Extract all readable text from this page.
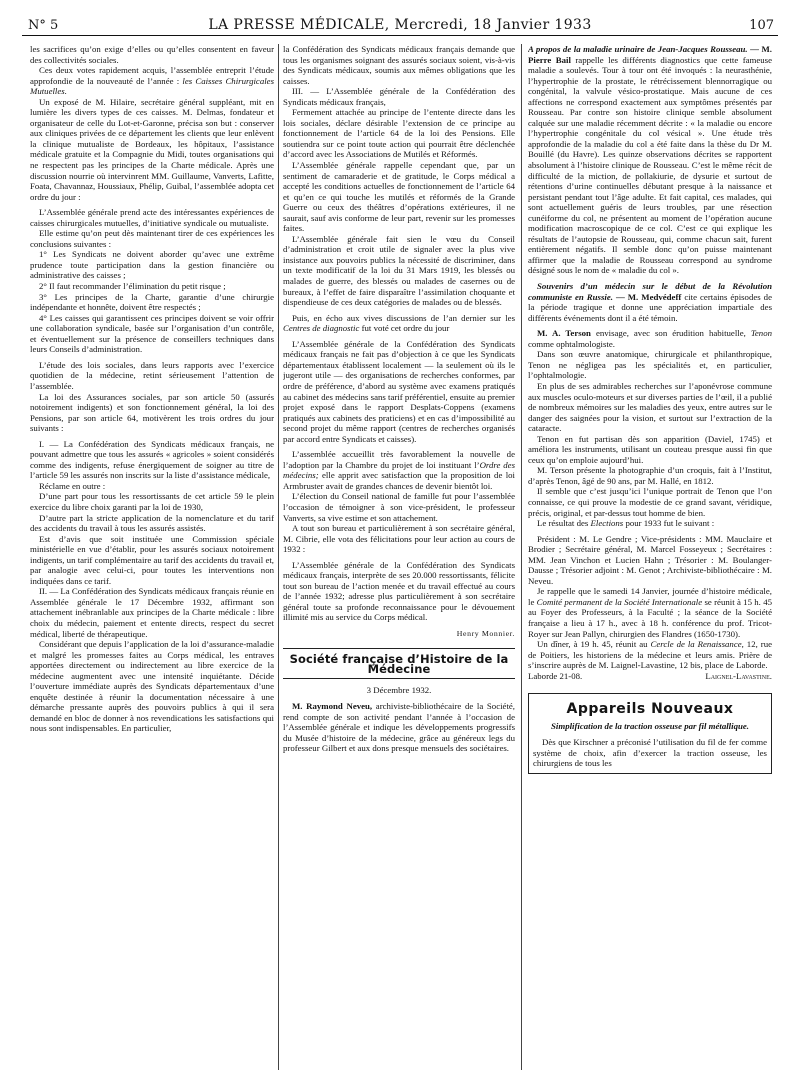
N° 5	LA PRESSE MÉDICALE, Mercredi, 18 Janvier 1933	107

les sacrifices qu’on exige d’elles ou qu’elles consentent en faveur des collectivités sociales.

Ces deux votes rapidement acquis, l’assemblée entreprit l’étude approfondie de la nouveauté de l’année : les Caisses Chirurgicales Mutuelles.

Un exposé de M. Hilaire, secrétaire général suppléant, mit en lumière les divers types de ces caisses. M. Delmas, fondateur et organisateur de celle du Lot-et-Garonne, précisa son but : conserver aux cliniques privées de ce département les clients que leur enlèvent la clinique mutualiste de Bordeaux, les hôpitaux, l’assistance médicale gratuite et la Compagnie du Midi, toutes organisations qui ne respectent pas les principes de la Charte médicale. Après une discussion nourrie où intervinrent MM. Guillaume, Vanverts, Lafitte, Foata, Chavannaz, Houssiaux, Phélip, Guibal, l’assemblée adopta cet ordre du jour :

L’Assemblée générale prend acte des intéressantes expériences de caisses chirurgicales mutuelles, d’initiative syndicale ou mutualiste.

Elle estime qu’on peut dès maintenant tirer de ces expériences les conclusions suivantes :

1° Les Syndicats ne doivent aborder qu’avec une extrême prudence toute participation dans la gestion financière ou administrative des caisses ;

2° Il faut recommander l’élimination du petit risque ;

3° Les principes de la Charte, garantie d’une chirurgie indépendante et honnête, doivent être respectés ;

4° Les caisses qui garantissent ces principes doivent se voir offrir une collaboration syndicale, basée sur l’organisation d’un contrôle, et éventuellement sur la présence de conseillers techniques dans leurs Conseils d’administration.

L’étude des lois sociales, dans leurs rapports avec l’exercice quotidien de la médecine, retint sérieusement l’attention de l’assemblée.

La loi des Assurances sociales, par son article 50 (assurés notoirement indigents) et son fonctionnement général, la loi des Pensions, par son article 64, motivèrent les trois ordres du jour suivants :

I. — La Confédération des Syndicats médicaux français, ne pouvant admettre que tous les assurés « agricoles » soient considérés comme des indigents, refuse énergiquement de soigner au titre de l’article 59 les assurés non inscrits sur la liste d’assistance médicale,

Réclame en outre :

D’une part pour tous les ressortissants de cet article 59 le plein exercice du libre choix garanti par la loi de 1930,

D’autre part la stricte application de la nomenclature et du tarif des accidents du travail à tous les assurés assistés.

Est d’avis que soit instituée une Commission spéciale ministérielle en vue d’établir, pour les assurés sociaux notoirement indigents, un tarif complémentaire au tarif des accidents du travail et, par analogie avec celui-ci, pour toutes les interventions non indiquées dans ce tarif.

II. — La Confédération des Syndicats médicaux français réunie en Assemblée générale le 17 Décembre 1932, affirmant son attachement inébranlable aux principes de la Charte médicale : libre choix du médecin, paiement et entente directs, respect du secret médical, liberté de thérapeutique.

Considérant que depuis l’application de la loi d’assurance-maladie et malgré les promesses faites au Corps médical, les entraves apportées directement ou indirectement au libre exercice de la médecine augmentent avec une intensité inquiétante. Décide l’ouverture immédiate auprès des Syndicats départementaux d’une enquête destinée à réunir la documentation nécessaire à une démarche pressante auprès des pouvoirs publics à qui il sera demandé en bloc de donner à nos revendications les satisfactions qui nous sont indispensables. En particulier,

la Confédération des Syndicats médicaux français demande que tous les organismes soignant des assurés sociaux soient, vis-à-vis des Syndicats médicaux, soumis aux mêmes obligations que les caisses.

III. — L’Assemblée générale de la Confédération des Syndicats médicaux français,

Fermement attachée au principe de l’entente directe dans les lois sociales, déclare désirable l’extension de ce principe au fonctionnement de l’article 64 de la loi des Pensions. Elle soutiendra sur ce point toute action qui pourrait être déclenchée d’accord avec les Associations de Mutilés et Réformés.

L’Assemblée générale rappelle cependant que, par un sentiment de camaraderie et de gratitude, le Corps médical a accepté les conditions actuelles de fonctionnement de l’article 64 et qu’en ce qui touche les mutilés et réformés de la Grande Guerre ou ceux des théâtres d’opérations extérieures, il ne saurait, sauf avis conforme de leur part, revenir sur les promesses faites.

L’Assemblée générale fait sien le vœu du Conseil d’administration et croit utile de signaler avec la plus vive insistance aux pouvoirs publics la nécessité de discriminer, dans un texte modificatif de la loi du 31 Mars 1919, les blessés ou malades de guerre, des blessés ou malades de casernes ou de bureaux, à l’effet de faire disparaître l’assimilation choquante et dispendieuse de ces deux catégories de malades ou de blessés.

Puis, en écho aux vives discussions de l’an dernier sur les Centres de diagnostic fut voté cet ordre du jour

L’Assemblée générale de la Confédération des Syndicats médicaux français ne fait pas d’objection à ce que les Syndicats départementaux établissent localement — la seulement où ils le jugeront utile — des organisations de recherches conformes, par ordre de préférence, d’abord au système avec examens pratiqués au cabinet des médecins sans tarif préférentiel, ensuite au premier projet exposé dans le rapport Desplats-Coppens (examens pratiqués aux cabinets des praticiens) et en cas d’impossibilité au second projet du même rapport (centres de recherches organisés par accord entre Syndicats et caisses).

L’assemblée accueillit très favorablement la nouvelle de l’adoption par la Chambre du projet de loi instituant l’Ordre des médecins; elle apprit avec satisfaction que la proposition de loi Armbruster avait de grandes chances de devenir bientôt loi.

L’élection du Conseil national de famille fut pour l’assemblée l’occasion de témoigner à son vice-président, le professeur Vanverts, sa vive estime et son attachement.

A tout son bureau et particulièrement à son secrétaire général, M. Cibrie, elle vota des félicitations pour leur action au cours de 1932 :

L’Assemblée générale de la Confédération des Syndicats médicaux français, interprète de ses 20.000 ressortissants, félicite tout son bureau de l’action menée et du travail effectué au cours de l’année 1932; adresse plus particulièrement à son secrétaire général toute sa profonde reconnaissance pour le dévouement illimité mis au service du Corps médical.

Henry Monnier.
Société française d’Histoire de la Médecine
3 Décembre 1932.

M. Raymond Neveu, archiviste-bibliothécaire de la Société, rend compte de son activité pendant l’année à l’occasion de l’Assemblée générale et indique les développements progressifs du Musée d’histoire de la médecine, grâce au généreux legs du professeur Gilbert et aux dons presque mensuels des sociétaires.

A propos de la maladie urinaire de Jean-Jacques Rousseau. — M. Pierre Bail rappelle les différents diagnostics que cette fameuse maladie a soulevés. Tour à tour ont été invoqués : la neurasthénie, l’hypertrophie de la prostate, le rétrécissement blennorragique ou congénital, la valvule vésico-prostatique. Mais aucune de ces affections ne correspond exactement aux symptômes présentés par Rousseau. Par contre son histoire clinique semble absolument calquée sur une maladie récemment décrite : « la maladie ou encore l’hypertrophie congénitale du col vésical ». Une étude très approfondie de la maladie du col a été faite dans la thèse du Dr M. Bouillé (du Havre). Les quinze observations décrites se rapportent absolument à l’histoire clinique de Rousseau. C’est le même récit de difficulté de la miction, de pollakiurie, de dysurie et surtout de rétentions d’urine continuelles débutant presque à la naissance et persistant pendant tout l’âge adulte. Et fait capital, ces malades, qui sont actuellement guéris de leurs troubles, par une résection cunéiforme du col, ne présentent au moment de l’opération aucune modification macroscopique de ce col. C’est ce qui explique les résultats de l’autopsie de Rousseau, qui, comme chacun sait, furent entièrement négatifs. Il semble donc qu’on puisse maintenant affirmer que la maladie de Rousseau correspond au syndrome désigné sous le nom de « maladie du col ».

Souvenirs d’un médecin sur le début de la Révolution communiste en Russie. — M. Medvédeff cite certains épisodes de la période tragique et donne une appréciation impartiale des différents événements dont il a été témoin.

M. A. Terson envisage, avec son érudition habituelle, Tenon comme ophtalmologiste.

Dans son œuvre anatomique, chirurgicale et philanthropique, Tenon ne négligea pas les spécialités et, en particulier, l’ophtalmologie.

En plus de ses admirables recherches sur l’aponévrose commune aux muscles oculo-moteurs et sur diverses parties de l’œil, il a publié de nombreux mémoires sur les maladies des yeux, entre autres sur le danger des saignées pour la vision, et surtout sur l’extraction de la cataracte.

Tenon en fut partisan dès son apparition (Daviel, 1745) et améliora les instruments, utilisant un couteau presque aussi fin que ceux qu’on emploie aujourd’hui.

M. Terson présente la photographie d’un croquis, fait à l’Institut, d’après Tenon, âgé de 90 ans, par M. Hallé, en 1812.

Il semble que c’est jusqu’ici l’unique portrait de Tenon que l’on connaisse, ce qui prouve la modestie de ce grand savant, véridique, précis, original, et par-dessus tout homme de bien.

Le résultat des Elections pour 1933 fut le suivant :

Président : M. Le Gendre ; Vice-présidents : MM. Mauclaire et Brodier ; Secrétaire général, M. Marcel Fosseyeux ; Secrétaires : MM. Jean Vinchon et Lucien Hahn ; Trésorier : M. Boulanger-Dausse ; Trésorier adjoint : M. Genot ; Archiviste-bibliothécaire : M. Neveu.

Je rappelle que le samedi 14 Janvier, journée d’histoire médicale, le Comité permanent de la Société Internationale se réunit à 15 h. 45 au Foyer des Professeurs, à la Faculté ; la séance de la Société française a lieu à 17 h., avec à 18 h. conférence du prof. Tricot-Royer sur Jean Pallyn, chirurgien des Flandres (1650-1730).

Un dîner, à 19 h. 45, réunit au Cercle de la Renaissance, 12, rue de Poitiers, les historiens de la médecine et leurs amis. Prière de s’inscrire auprès de M. Laignel-Lavastine, 12 bis, place de Laborde.

Laborde 21-08.	Laignel-Lavastine.
Appareils Nouveaux
Simplification de la traction osseuse par fil métallique.

Dès que Kirschner a préconisé l’utilisation du fil de fer comme système de choix, afin d’exercer la traction osseuse, les chirurgiens de tous les
